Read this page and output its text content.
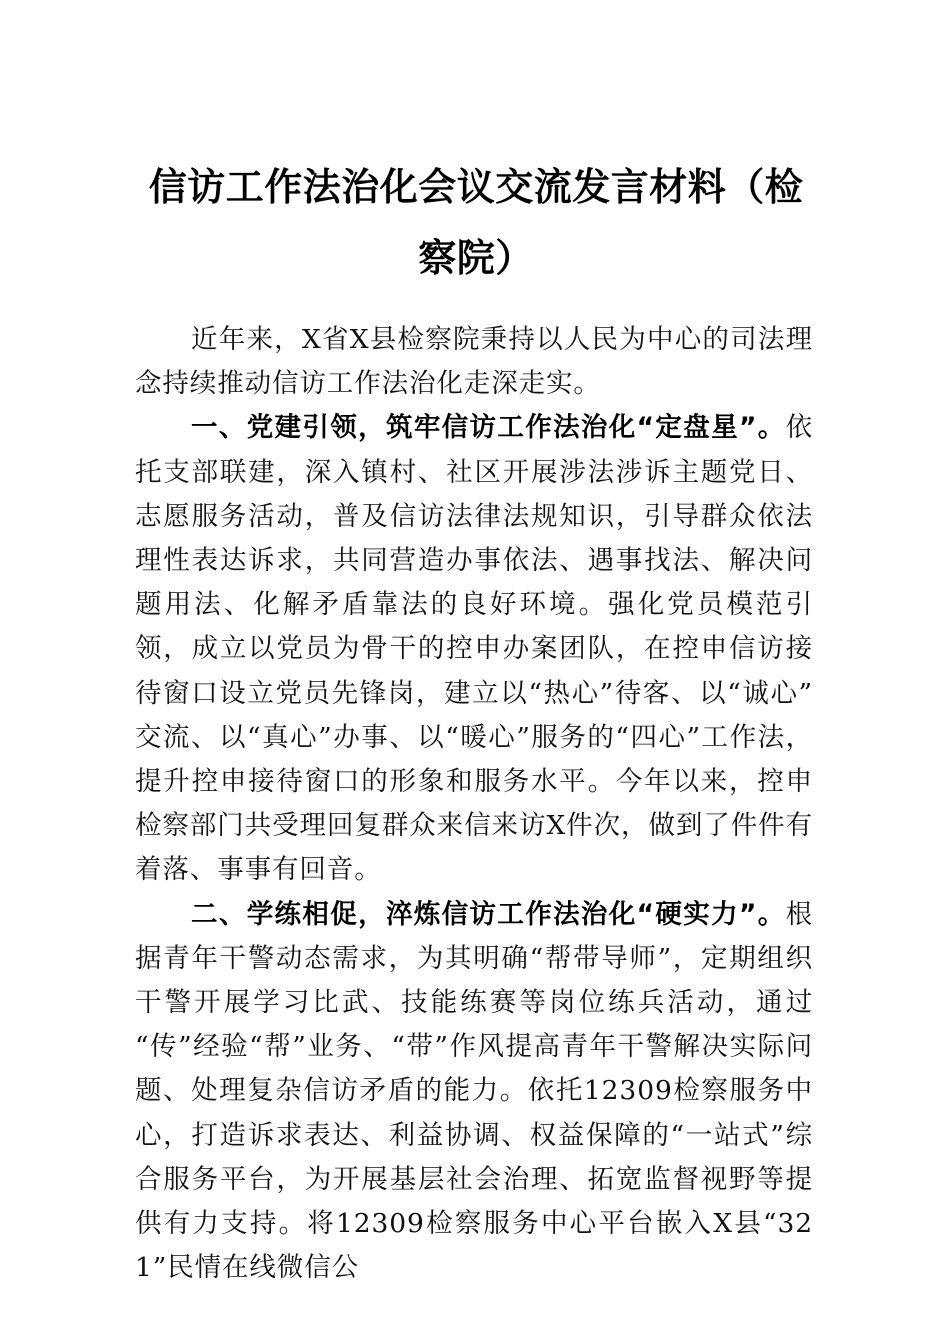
信访工作法治化会议交流发言材料（检察院）

近年来，X省X县检察院秉持以人民为中心的司法理念持续推动信访工作法治化走深走实。

一、党建引领，筑牢信访工作法治化“定盘星”。依托支部联建，深入镇村、社区开展涉法涉诉主题党日、志愿服务活动，普及信访法律法规知识，引导群众依法理性表达诉求，共同营造办事依法、遇事找法、解决问题用法、化解矛盾靠法的良好环境。强化党员模范引领，成立以党员为骨干的控申办案团队，在控申信访接待窗口设立党员先锋岗，建立以“热心”待客、以“诚心”交流、以“真心”办事、以“暖心”服务的“四心”工作法，提升控申接待窗口的形象和服务水平。今年以来，控申检察部门共受理回复群众来信来访X件次，做到了件件有着落、事事有回音。

二、学练相促，淬炼信访工作法治化“硬实力”。根据青年干警动态需求，为其明确“帮带导师”，定期组织干警开展学习比武、技能练赛等岗位练兵活动，通过“传”经验“帮”业务、“带”作风提高青年干警解决实际问题、处理复杂信访矛盾的能力。依托12309检察服务中心，打造诉求表达、利益协调、权益保障的“一站式”综合服务平台，为开展基层社会治理、拓宽监督视野等提供有力支持。将12309检察服务中心平台嵌入X县“321”民情在线微信公
